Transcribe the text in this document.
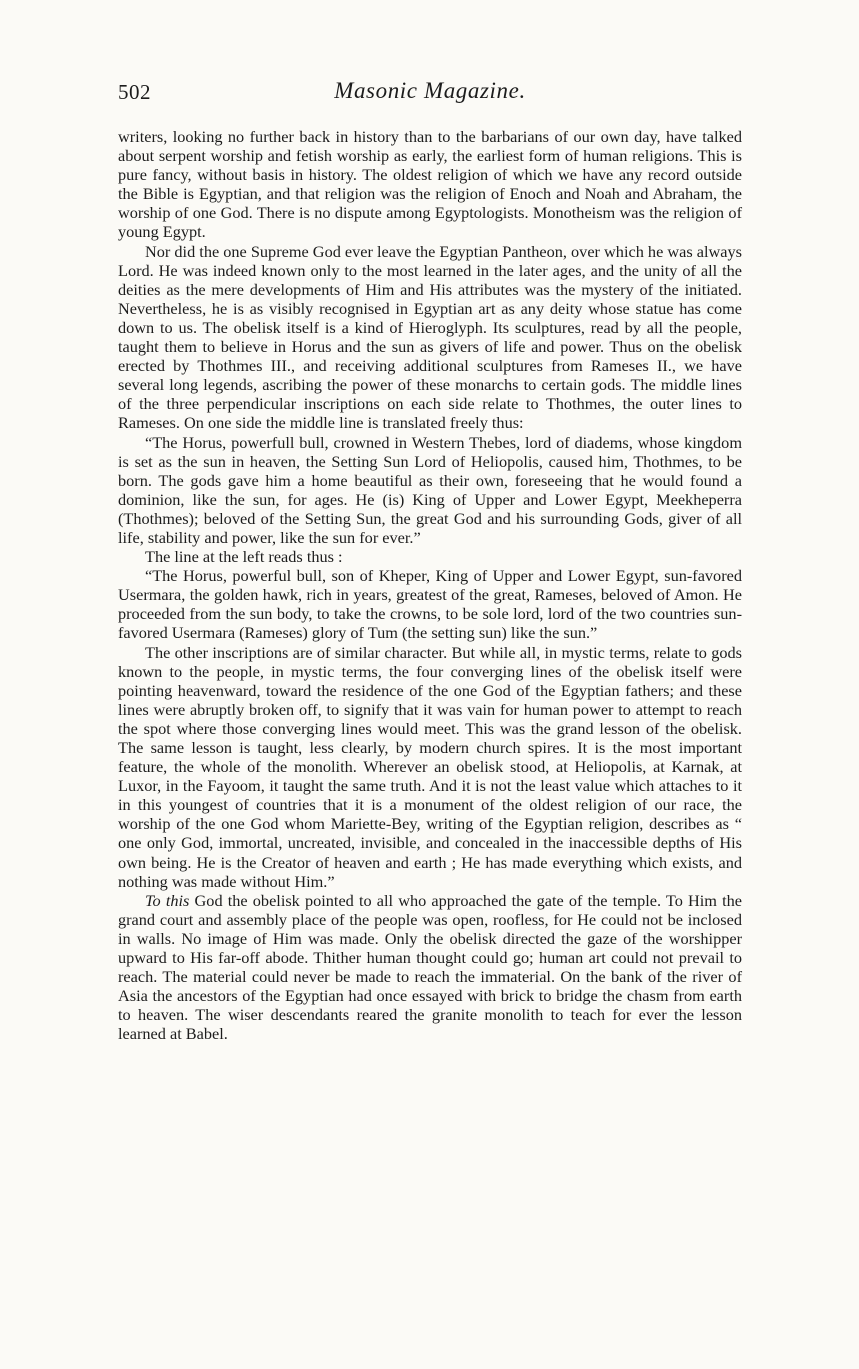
502	Masonic Magazine.

writers, looking no further back in history than to the barbarians of our own day, have talked about serpent worship and fetish worship as early, the earliest form of human religions. This is pure fancy, without basis in history. The oldest religion of which we have any record outside the Bible is Egyptian, and that religion was the religion of Enoch and Noah and Abraham, the worship of one God. There is no dispute among Egyptologists. Monotheism was the religion of young Egypt.

Nor did the one Supreme God ever leave the Egyptian Pantheon, over which he was always Lord. He was indeed known only to the most learned in the later ages, and the unity of all the deities as the mere developments of Him and His attributes was the mystery of the initiated. Nevertheless, he is as visibly recognised in Egyptian art as any deity whose statue has come down to us. The obelisk itself is a kind of Hieroglyph. Its sculptures, read by all the people, taught them to believe in Horus and the sun as givers of life and power. Thus on the obelisk erected by Thothmes III., and receiving additional sculptures from Rameses II., we have several long legends, ascribing the power of these monarchs to certain gods. The middle lines of the three perpendicular inscriptions on each side relate to Thothmes, the outer lines to Rameses. On one side the middle line is translated freely thus:

“The Horus, powerfull bull, crowned in Western Thebes, lord of diadems, whose kingdom is set as the sun in heaven, the Setting Sun Lord of Heliopolis, caused him, Thothmes, to be born. The gods gave him a home beautiful as their own, foreseeing that he would found a dominion, like the sun, for ages. He (is) King of Upper and Lower Egypt, Meekheperra (Thothmes); beloved of the Setting Sun, the great God and his surrounding Gods, giver of all life, stability and power, like the sun for ever.”

The line at the left reads thus :

“The Horus, powerful bull, son of Kheper, King of Upper and Lower Egypt, sun-favored Usermara, the golden hawk, rich in years, greatest of the great, Rameses, beloved of Amon. He proceeded from the sun body, to take the crowns, to be sole lord, lord of the two countries sun-favored Usermara (Rameses) glory of Tum (the setting sun) like the sun.”

The other inscriptions are of similar character. But while all, in mystic terms, relate to gods known to the people, in mystic terms, the four converging lines of the obelisk itself were pointing heavenward, toward the residence of the one God of the Egyptian fathers; and these lines were abruptly broken off, to signify that it was vain for human power to attempt to reach the spot where those converging lines would meet. This was the grand lesson of the obelisk. The same lesson is taught, less clearly, by modern church spires. It is the most important feature, the whole of the monolith. Wherever an obelisk stood, at Heliopolis, at Karnak, at Luxor, in the Fayoom, it taught the same truth. And it is not the least value which attaches to it in this youngest of countries that it is a monument of the oldest religion of our race, the worship of the one God whom Mariette-Bey, writing of the Egyptian religion, describes as “ one only God, immortal, uncreated, invisible, and concealed in the inaccessible depths of His own being. He is the Creator of heaven and earth ; He has made everything which exists, and nothing was made without Him.”

To this God the obelisk pointed to all who approached the gate of the temple. To Him the grand court and assembly place of the people was open, roofless, for He could not be inclosed in walls. No image of Him was made. Only the obelisk directed the gaze of the worshipper upward to His far-off abode. Thither human thought could go; human art could not prevail to reach. The material could never be made to reach the immaterial. On the bank of the river of Asia the ancestors of the Egyptian had once essayed with brick to bridge the chasm from earth to heaven. The wiser descendants reared the granite monolith to teach for ever the lesson learned at Babel.
